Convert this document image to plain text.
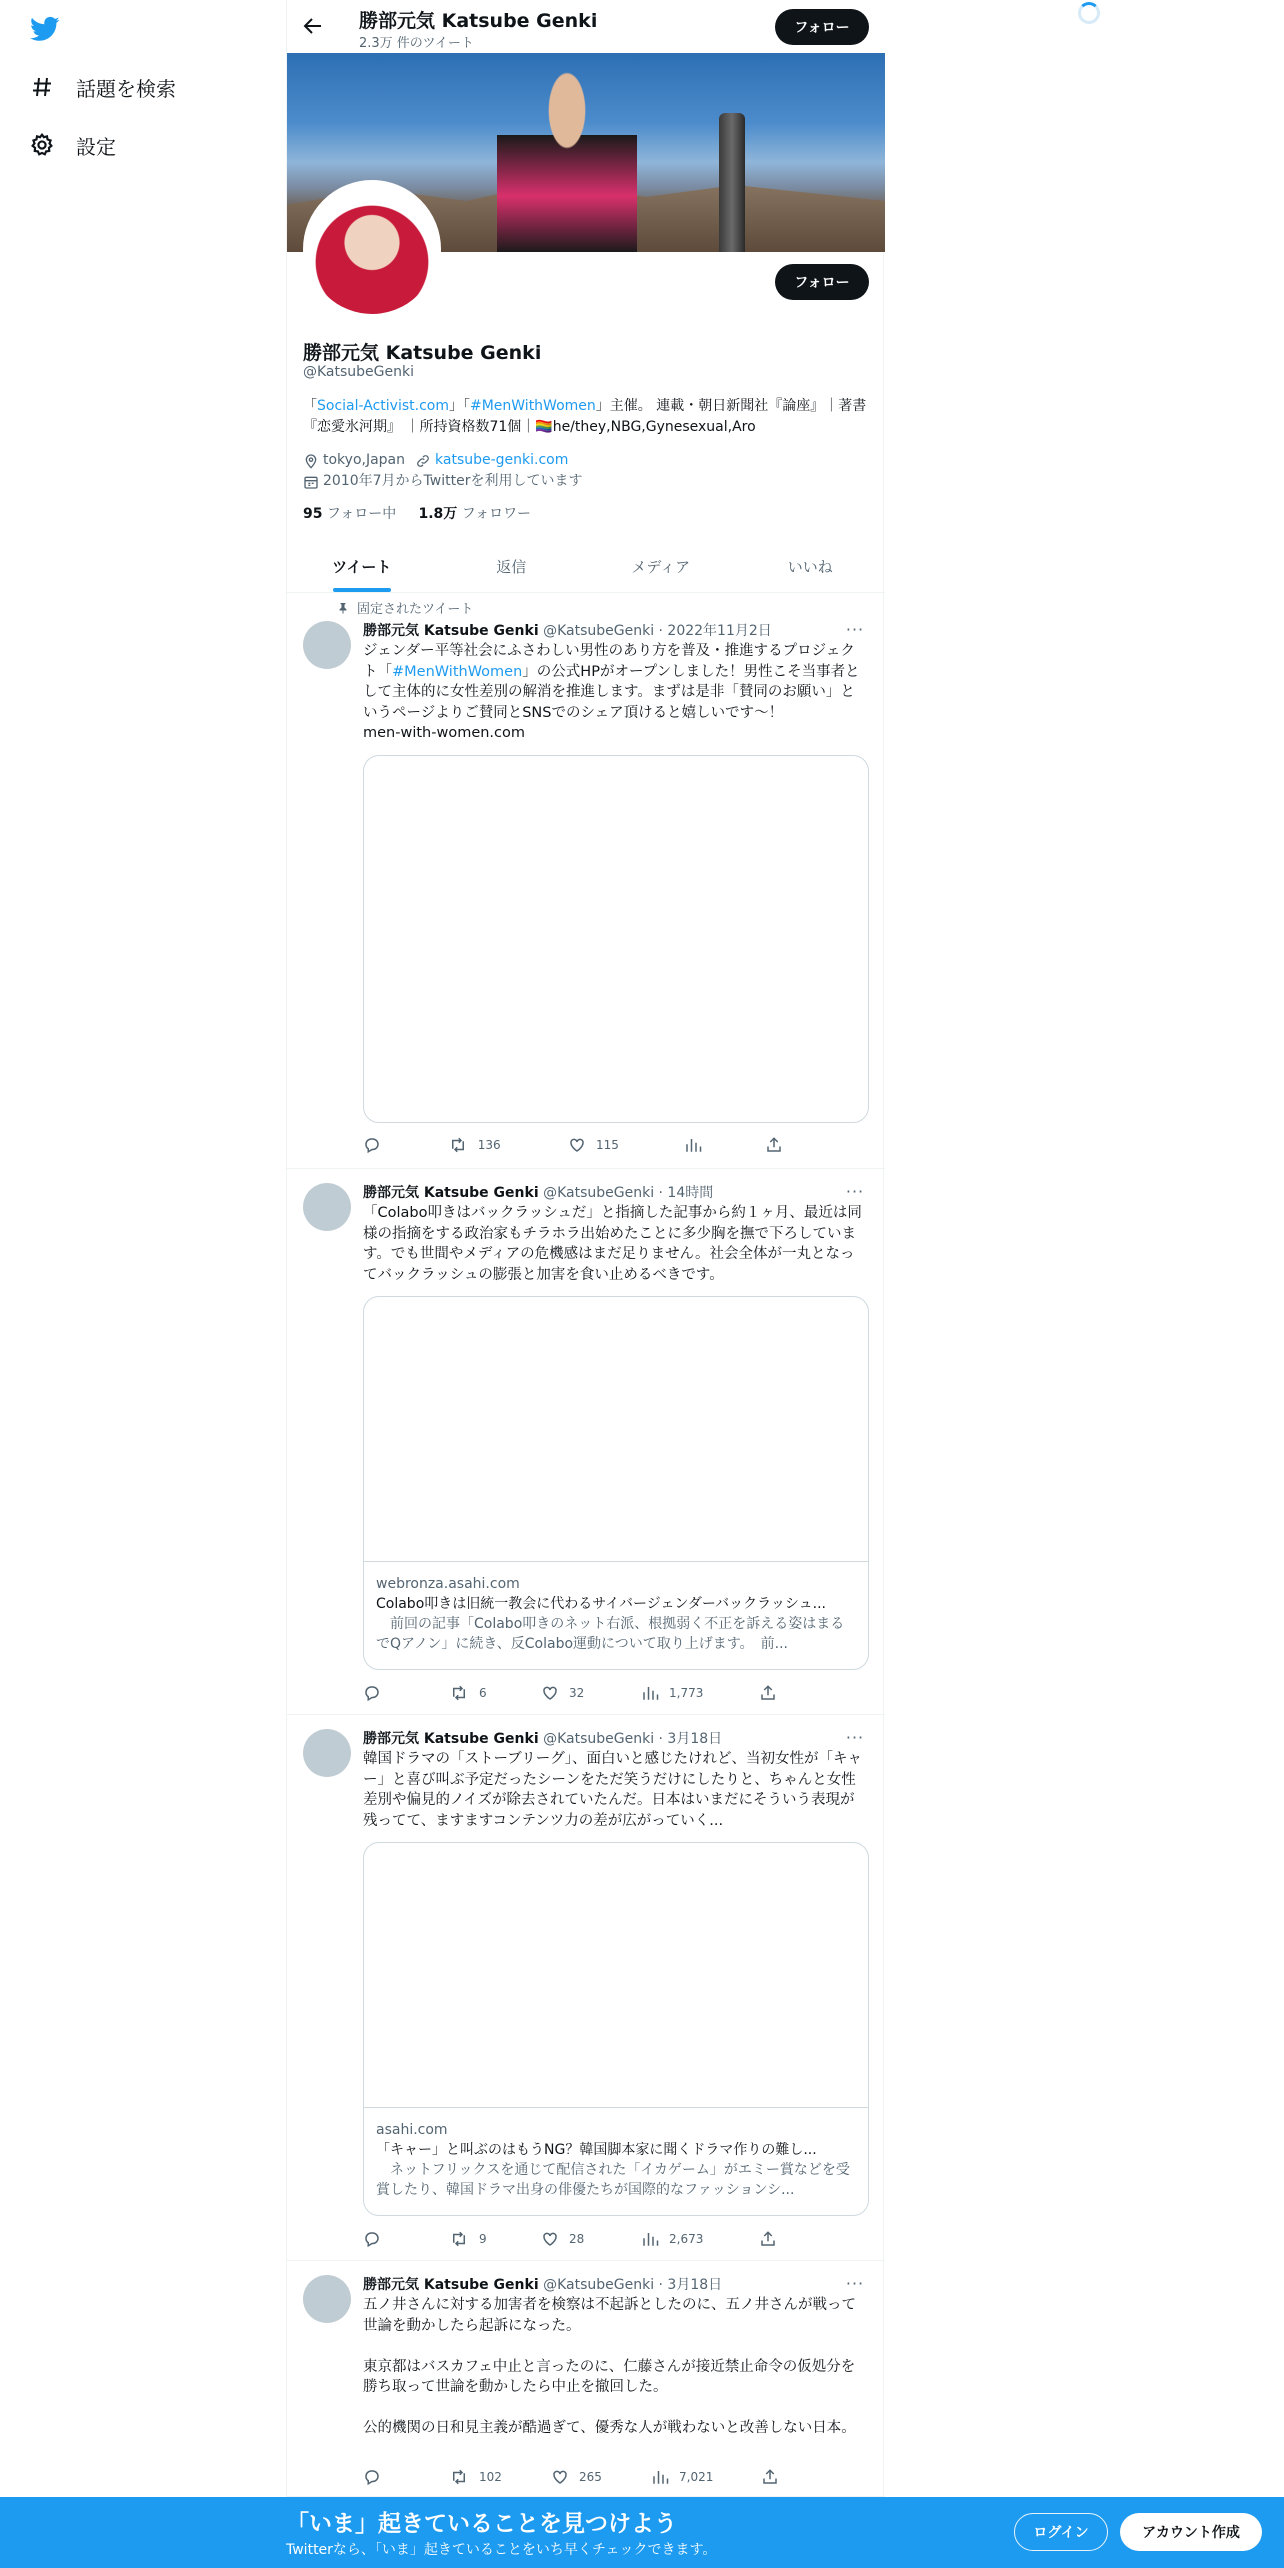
話題を検索
設定
勝部元気 Katsube Genki
2.3万 件のツイート
フォロー
フォロー
勝部元気 Katsube Genki
@KatsubeGenki
「Social-Activist.com」「#MenWithWomen」主催。 連載・朝日新聞社『論座』｜著書『恋愛氷河期』 ｜所持資格数71個｜🏳️‍🌈he/they,NBG,Gynesexual,Aro
tokyo,Japan katsube-genki.com
2010年7月からTwitterを利用しています
95 フォロー中 1.8万 フォロワー
ツイート	返信	メディア	いいね
固定されたツイート
勝部元気 Katsube Genki @KatsubeGenki · 2022年11月2日	···
ジェンダー平等社会にふさわしい男性のあり方を普及・推進するプロジェクト「#MenWithWomen」の公式HPがオープンしました！男性こそ当事者として主体的に女性差別の解消を推進します。まずは是非「賛同のお願い」というページよりご賛同とSNSでのシェア頂けると嬉しいです〜！
men-with-women.com
136	115
勝部元気 Katsube Genki @KatsubeGenki · 14時間	···
「Colabo叩きはバックラッシュだ」と指摘した記事から約１ヶ月、最近は同様の指摘をする政治家もチラホラ出始めたことに多少胸を撫で下ろしています。でも世間やメディアの危機感はまだ足りません。社会全体が一丸となってバックラッシュの膨張と加害を食い止めるべきです。
webronza.asahi.com
Colabo叩きは旧統一教会に代わるサイバージェンダーバックラッシュ...
　前回の記事「Colabo叩きのネット右派、根拠弱く不正を訴える姿はまるでQアノン」に続き、反Colabo運動について取り上げます。　前...
6	32	1,773
勝部元気 Katsube Genki @KatsubeGenki · 3月18日	···
韓国ドラマの「ストーブリーグ」、面白いと感じたけれど、当初女性が「キャー」と喜び叫ぶ予定だったシーンをただ笑うだけにしたりと、ちゃんと女性差別や偏見的ノイズが除去されていたんだ。日本はいまだにそういう表現が残ってて、ますますコンテンツ力の差が広がっていく...
asahi.com
「キャー」と叫ぶのはもうNG？韓国脚本家に聞くドラマ作りの難し...
　ネットフリックスを通じて配信された「イカゲーム」がエミー賞などを受賞したり、韓国ドラマ出身の俳優たちが国際的なファッションシ...
9	28	2,673
勝部元気 Katsube Genki @KatsubeGenki · 3月18日	···
五ノ井さんに対する加害者を検察は不起訴としたのに、五ノ井さんが戦って世論を動かしたら起訴になった。

東京都はバスカフェ中止と言ったのに、仁藤さんが接近禁止命令の仮処分を勝ち取って世論を動かしたら中止を撤回した。

公的機関の日和見主義が酷過ぎて、優秀な人が戦わないと改善しない日本。
102	265	7,021
「いま」起きていることを見つけよう
Twitterなら、「いま」起きていることをいち早くチェックできます。
ログイン	アカウント作成
